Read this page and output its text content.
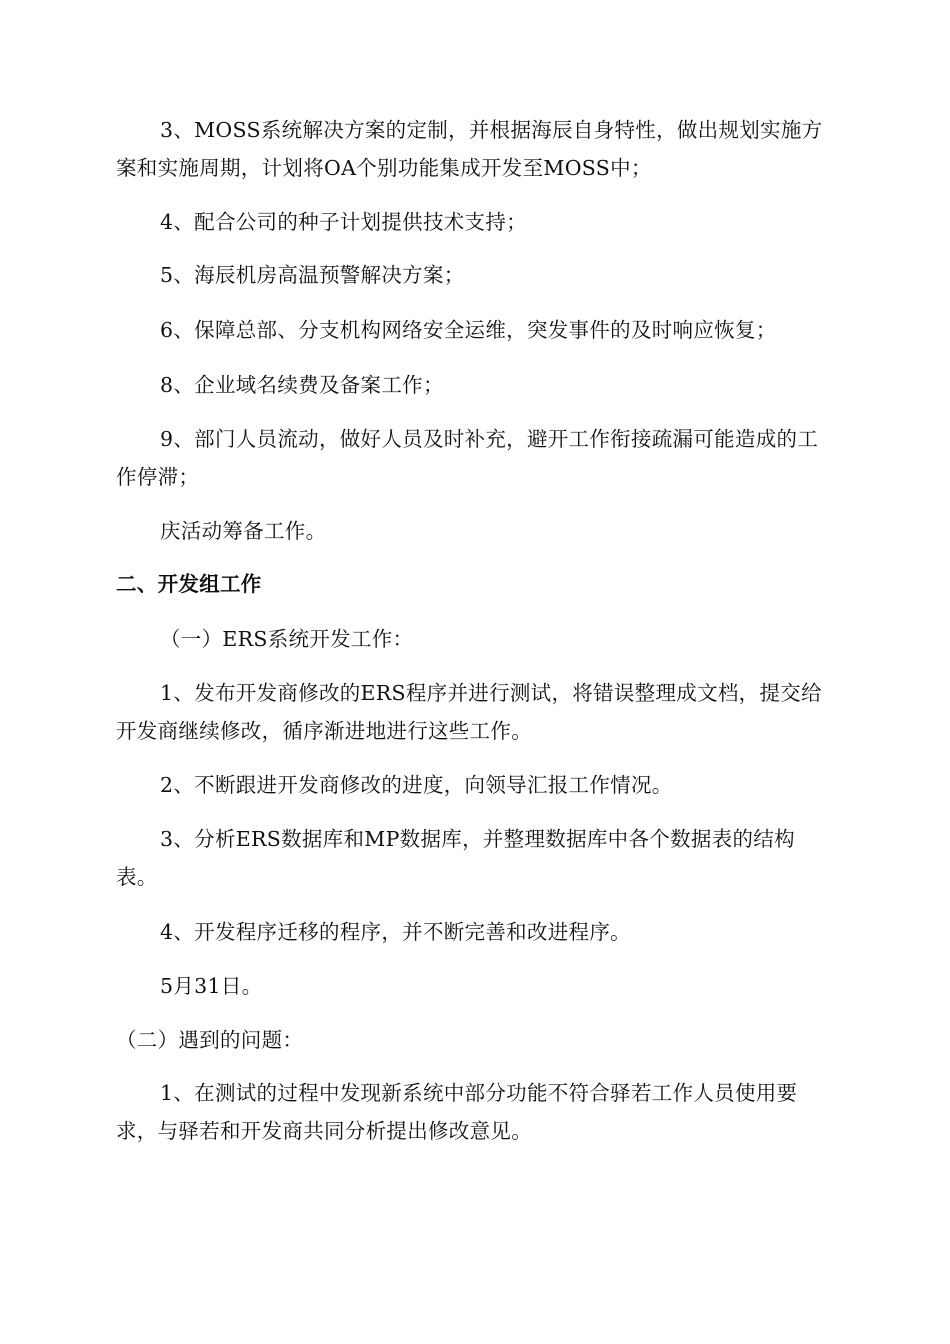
3、MOSS系统解决方案的定制，并根据海辰自身特性，做出规划实施方案和实施周期，计划将OA个别功能集成开发至MOSS中；

4、配合公司的种子计划提供技术支持；

5、海辰机房高温预警解决方案；

6、保障总部、分支机构网络安全运维，突发事件的及时响应恢复；

8、企业域名续费及备案工作；

9、部门人员流动，做好人员及时补充，避开工作衔接疏漏可能造成的工作停滞；

庆活动筹备工作。

二、开发组工作

（一）ERS系统开发工作：

1、发布开发商修改的ERS程序并进行测试，将错误整理成文档，提交给开发商继续修改，循序渐进地进行这些工作。

2、不断跟进开发商修改的进度，向领导汇报工作情况。

3、分析ERS数据库和MP数据库，并整理数据库中各个数据表的结构表。

4、开发程序迁移的程序，并不断完善和改进程序。

5月31日。

（二）遇到的问题：

1、在测试的过程中发现新系统中部分功能不符合驿若工作人员使用要求，与驿若和开发商共同分析提出修改意见。
